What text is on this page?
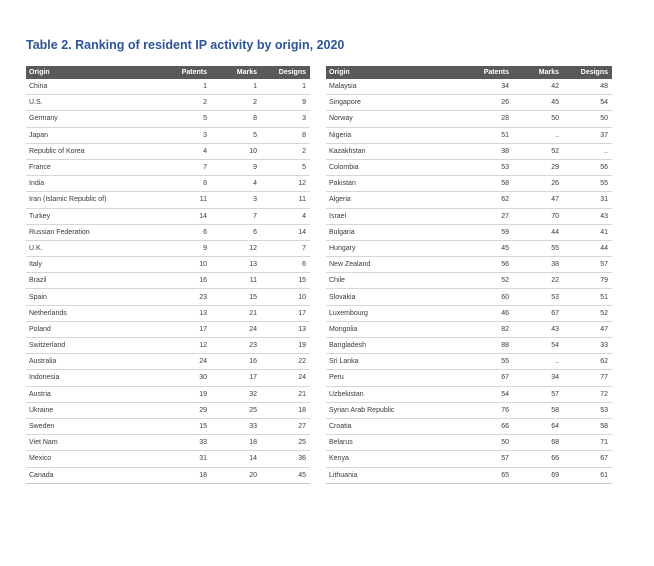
Table 2. Ranking of resident IP activity by origin, 2020
Origin	Patents	Marks	Designs
China	1	1	1
U.S.	2	2	9
Germany	5	8	3
Japan	3	5	8
Republic of Korea	4	10	2
France	7	9	5
India	8	4	12
Iran (Islamic Republic of)	11	3	11
Turkey	14	7	4
Russian Federation	6	6	14
U.K.	9	12	7
Italy	10	13	6
Brazil	16	11	15
Spain	23	15	10
Netherlands	13	21	17
Poland	17	24	13
Switzerland	12	23	19
Australia	24	16	22
Indonesia	30	17	24
Austria	19	32	21
Ukraine	29	25	18
Sweden	15	33	27
Viet Nam	33	18	25
Mexico	31	14	36
Canada	18	20	45
Origin	Patents	Marks	Designs
Malaysia	34	42	48
Singapore	26	45	54
Norway	28	50	50
Nigeria	51	..	37
Kazakhstan	38	52	..
Colombia	53	29	56
Pakistan	58	26	55
Algeria	62	47	31
Israel	27	70	43
Bulgaria	59	44	41
Hungary	45	55	44
New Zealand	56	38	57
Chile	52	22	79
Slovakia	60	53	51
Luxembourg	46	67	52
Mongolia	82	43	47
Bangladesh	88	54	33
Sri Lanka	55	..	62
Peru	67	34	77
Uzbekistan	54	57	72
Syrian Arab Republic	76	58	53
Croatia	66	64	58
Belarus	50	68	71
Kenya	57	66	67
Lithuania	65	69	61
